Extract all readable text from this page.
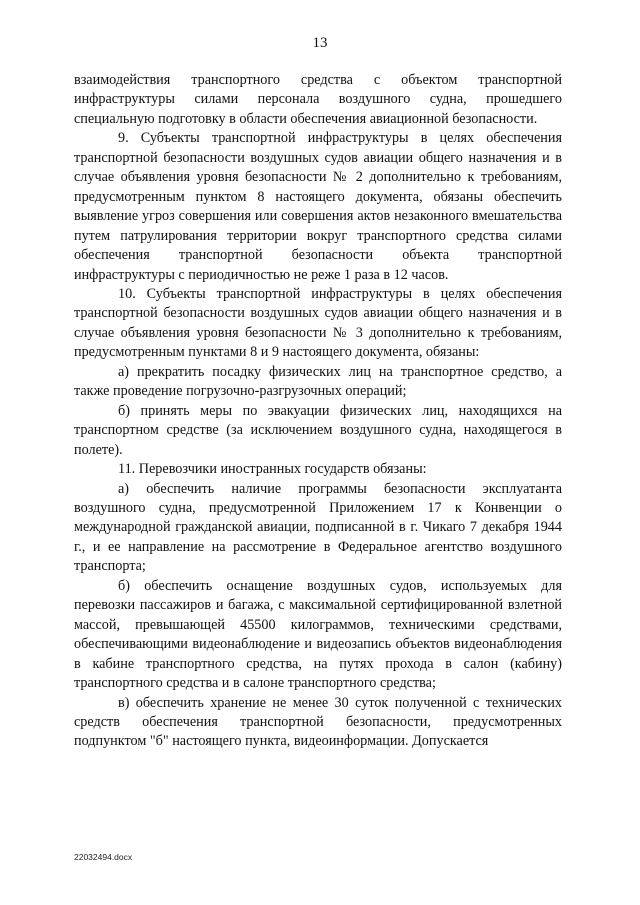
13

взаимодействия транспортного средства с объектом транспортной инфраструктуры силами персонала воздушного судна, прошедшего специальную подготовку в области обеспечения авиационной безопасности.

9. Субъекты транспортной инфраструктуры в целях обеспечения транспортной безопасности воздушных судов авиации общего назначения и в случае объявления уровня безопасности № 2 дополнительно к требованиям, предусмотренным пунктом 8 настоящего документа, обязаны обеспечить выявление угроз совершения или совершения актов незаконного вмешательства путем патрулирования территории вокруг транспортного средства силами обеспечения транспортной безопасности объекта транспортной инфраструктуры с периодичностью не реже 1 раза в 12 часов.

10. Субъекты транспортной инфраструктуры в целях обеспечения транспортной безопасности воздушных судов авиации общего назначения и в случае объявления уровня безопасности № 3 дополнительно к требованиям, предусмотренным пунктами 8 и 9 настоящего документа, обязаны:

а) прекратить посадку физических лиц на транспортное средство, а также проведение погрузочно-разгрузочных операций;

б) принять меры по эвакуации физических лиц, находящихся на транспортном средстве (за исключением воздушного судна, находящегося в полете).

11. Перевозчики иностранных государств обязаны:

а) обеспечить наличие программы безопасности эксплуатанта воздушного судна, предусмотренной Приложением 17 к Конвенции о международной гражданской авиации, подписанной в г. Чикаго 7 декабря 1944 г., и ее направление на рассмотрение в Федеральное агентство воздушного транспорта;

б) обеспечить оснащение воздушных судов, используемых для перевозки пассажиров и багажа, с максимальной сертифицированной взлетной массой, превышающей 45500 килограммов, техническими средствами, обеспечивающими видеонаблюдение и видеозапись объектов видеонаблюдения в кабине транспортного средства, на путях прохода в салон (кабину) транспортного средства и в салоне транспортного средства;

в) обеспечить хранение не менее 30 суток полученной с технических средств обеспечения транспортной безопасности, предусмотренных подпунктом "б" настоящего пункта, видеоинформации. Допускается

22032494.docx
